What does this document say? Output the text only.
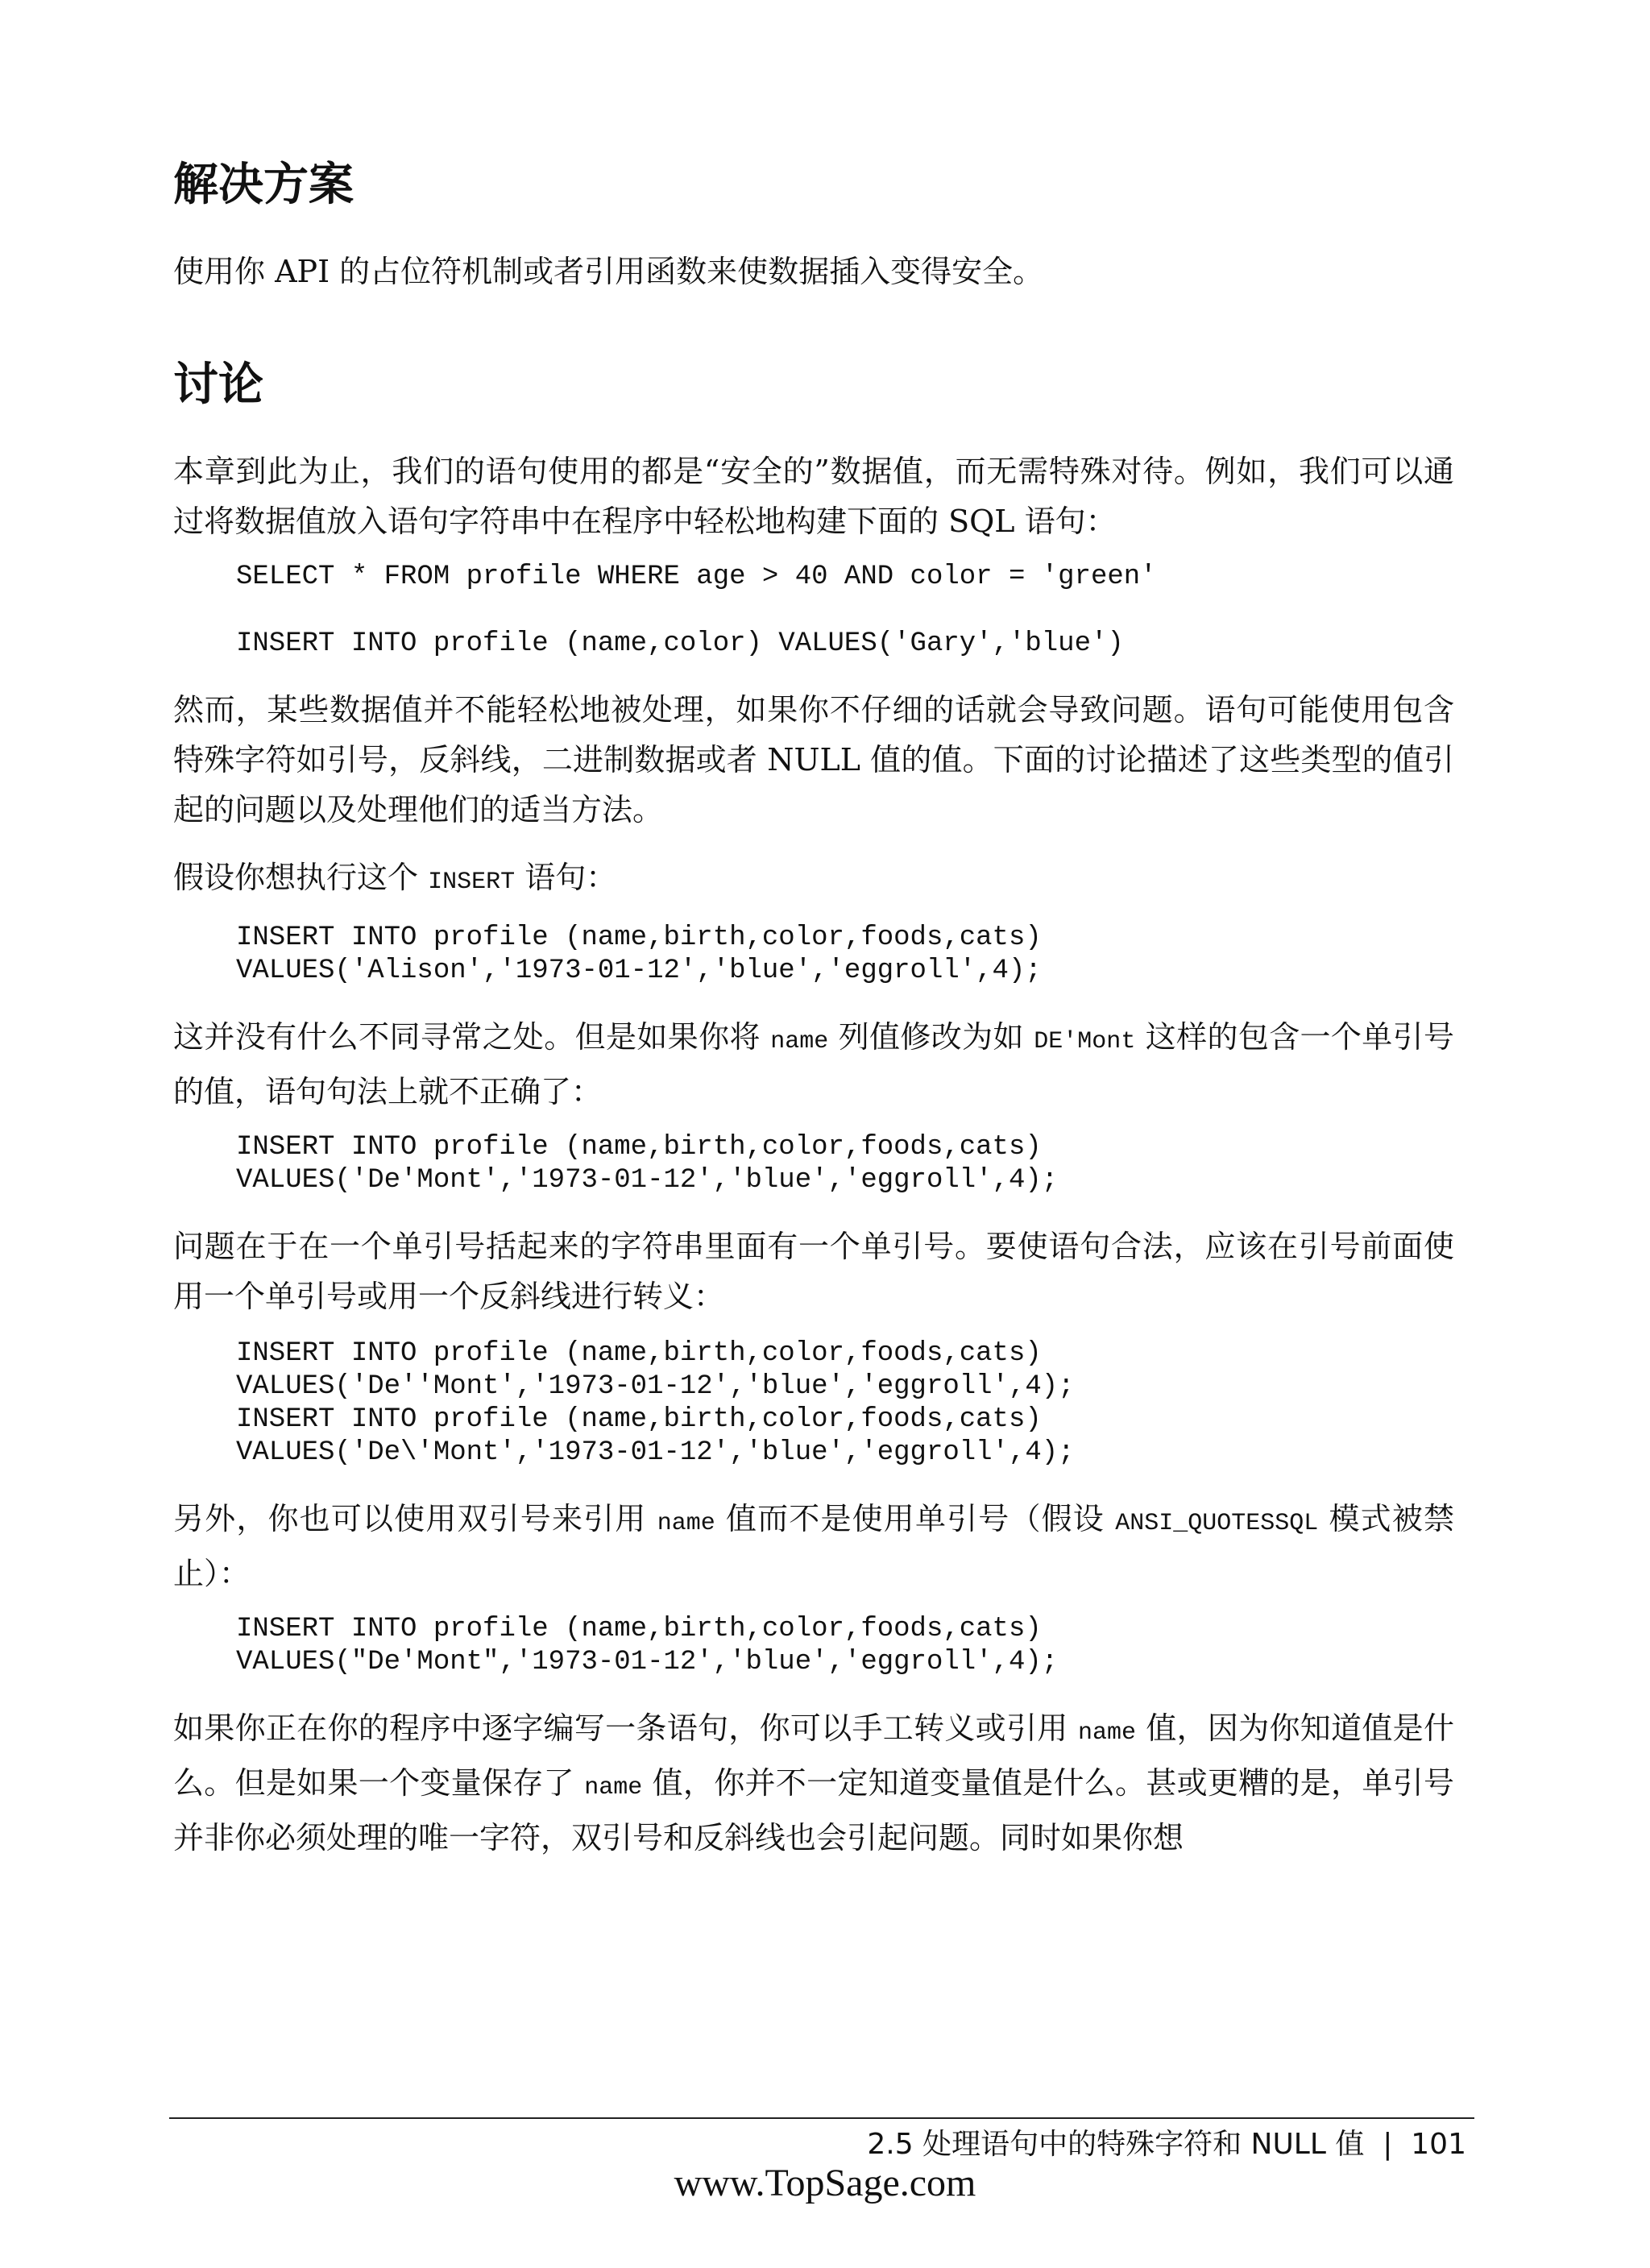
解决方案

使用你 API 的占位符机制或者引用函数来使数据插入变得安全。

讨论

本章到此为止，我们的语句使用的都是“安全的”数据值，而无需特殊对待。例如，我们可以通过将数据值放入语句字符串中在程序中轻松地构建下面的 SQL 语句：

SELECT * FROM profile WHERE age > 40 AND color = 'green'
INSERT INTO profile (name,color) VALUES('Gary','blue')

然而，某些数据值并不能轻松地被处理，如果你不仔细的话就会导致问题。语句可能使用包含特殊字符如引号，反斜线，二进制数据或者 NULL 值的值。下面的讨论描述了这些类型的值引起的问题以及处理他们的适当方法。

假设你想执行这个 INSERT 语句：

INSERT INTO profile (name,birth,color,foods,cats)
VALUES('Alison','1973-01-12','blue','eggroll',4);

这并没有什么不同寻常之处。但是如果你将 name 列值修改为如 DE'Mont 这样的包含一个单引号的值，语句句法上就不正确了：

INSERT INTO profile (name,birth,color,foods,cats)
VALUES('De'Mont','1973-01-12','blue','eggroll',4);

问题在于在一个单引号括起来的字符串里面有一个单引号。要使语句合法，应该在引号前面使用一个单引号或用一个反斜线进行转义：

INSERT INTO profile (name,birth,color,foods,cats)
VALUES('De''Mont','1973-01-12','blue','eggroll',4);
INSERT INTO profile (name,birth,color,foods,cats)
VALUES('De\'Mont','1973-01-12','blue','eggroll',4);

另外，你也可以使用双引号来引用 name 值而不是使用单引号（假设 ANSI_QUOTESSQL 模式被禁止）：

INSERT INTO profile (name,birth,color,foods,cats)
VALUES("De'Mont",'1973-01-12','blue','eggroll',4);

如果你正在你的程序中逐字编写一条语句，你可以手工转义或引用 name 值，因为你知道值是什么。但是如果一个变量保存了 name 值，你并不一定知道变量值是什么。甚或更糟的是，单引号并非你必须处理的唯一字符，双引号和反斜线也会引起问题。同时如果你想

2.5 处理语句中的特殊字符和 NULL 值 | 101
www.TopSage.com
